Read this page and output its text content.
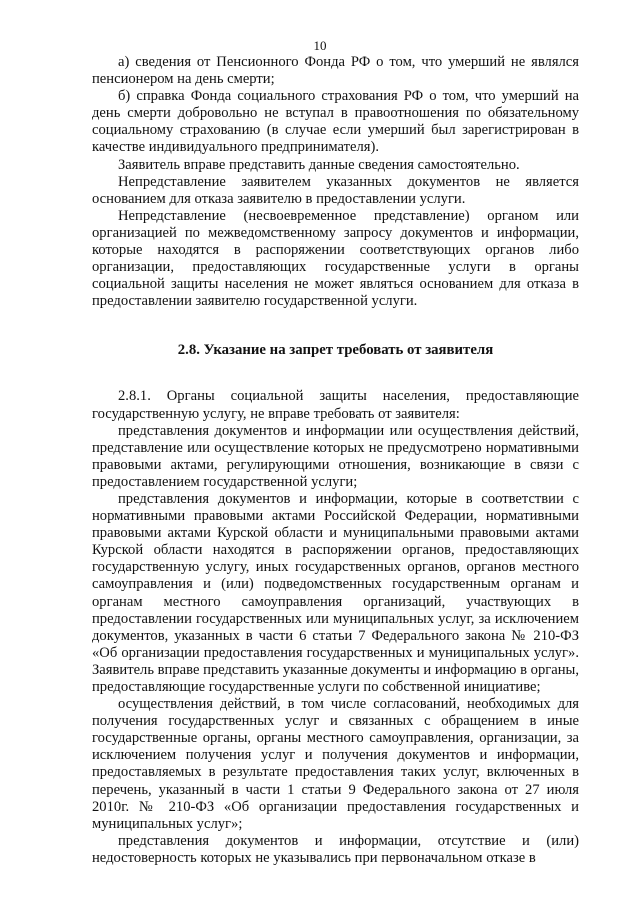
10

а) сведения от Пенсионного Фонда РФ о том, что умерший не являлся пенсионером на день смерти;

б) справка Фонда социального страхования РФ о том, что умерший на день смерти добровольно не вступал в правоотношения по обязательному социальному страхованию (в случае если умерший был зарегистрирован в качестве индивидуального предпринимателя).

Заявитель вправе представить данные сведения самостоятельно.

Непредставление заявителем указанных документов не является основанием для отказа заявителю в предоставлении услуги.

Непредставление (несвоевременное представление) органом или организацией по межведомственному запросу документов и информации, которые находятся в распоряжении соответствующих органов либо организации, предоставляющих государственные услуги в органы социальной защиты населения не может являться основанием для отказа в предоставлении заявителю государственной услуги.

2.8. Указание на запрет требовать от заявителя

2.8.1. Органы социальной защиты населения, предоставляющие государственную услугу, не вправе требовать от заявителя:

представления документов и информации или осуществления действий, представление или осуществление которых не предусмотрено нормативными правовыми актами, регулирующими отношения, возникающие в связи с предоставлением государственной услуги;

представления документов и информации, которые в соответствии с нормативными правовыми актами Российской Федерации, нормативными правовыми актами Курской области и муниципальными правовыми актами Курской области находятся в распоряжении органов, предоставляющих государственную услугу, иных государственных органов, органов местного самоуправления и (или) подведомственных государственным органам и органам местного самоуправления организаций, участвующих в предоставлении государственных или муниципальных услуг, за исключением документов, указанных в части 6 статьи 7 Федерального закона № 210-ФЗ «Об организации предоставления государственных и муниципальных услуг». Заявитель вправе представить указанные документы и информацию в органы, предоставляющие государственные услуги по собственной инициативе;

осуществления действий, в том числе согласований, необходимых для получения государственных услуг и связанных с обращением в иные государственные органы, органы местного самоуправления, организации, за исключением получения услуг и получения документов и информации, предоставляемых в результате предоставления таких услуг, включенных в перечень, указанный в части 1 статьи 9 Федерального закона от 27 июля 2010г. № 210-ФЗ «Об организации предоставления государственных и муниципальных услуг»;

представления документов и информации, отсутствие и (или) недостоверность которых не указывались при первоначальном отказе в
